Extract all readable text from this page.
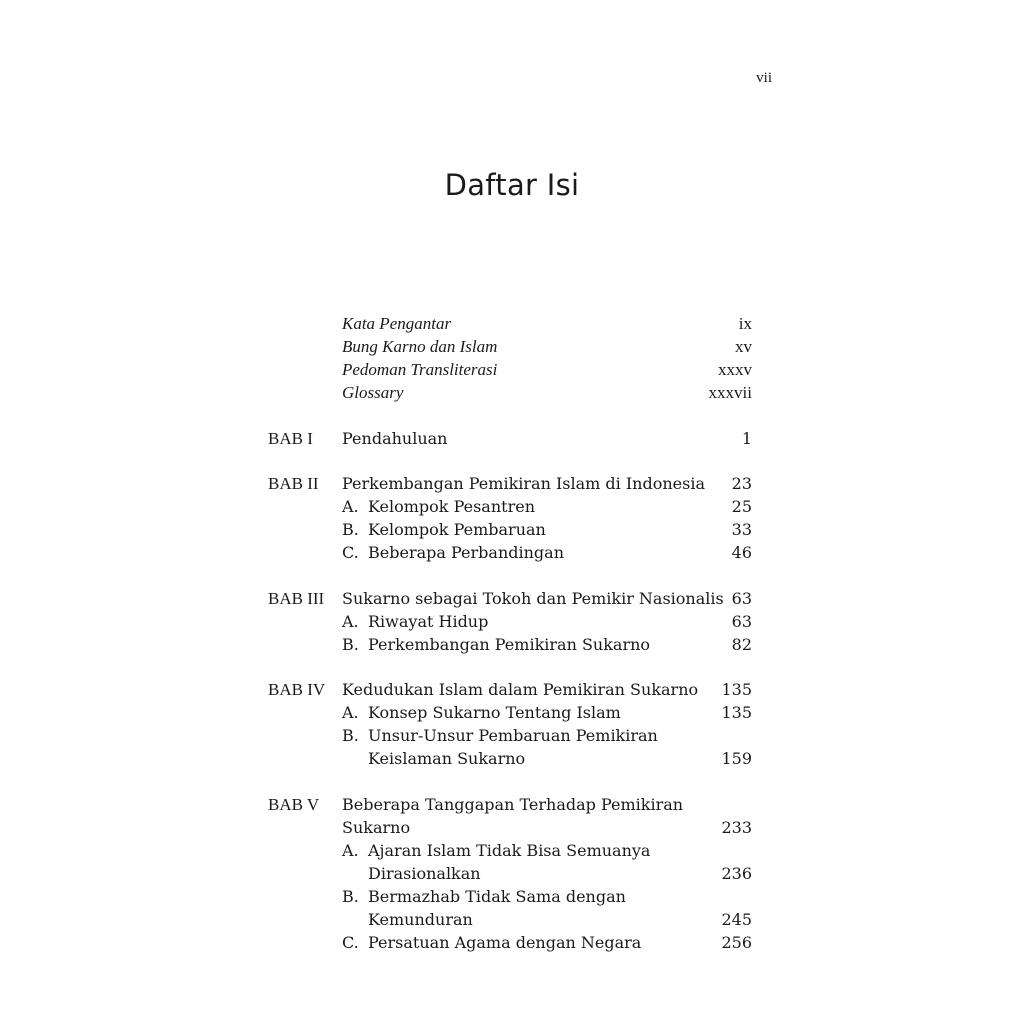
vii
Daftar Isi
Kata Pengantar	ix
Bung Karno dan Islam	xv
Pedoman Transliterasi	xxxv
Glossary	xxxvii
BAB I Pendahuluan	1
BAB II Perkembangan Pemikiran Islam di Indonesia 23
A. Kelompok Pesantren	25
B. Kelompok Pembaruan	33
C. Beberapa Perbandingan	46
BAB III Sukarno sebagai Tokoh dan Pemikir Nasionalis 63
A. Riwayat Hidup	63
B. Perkembangan Pemikiran Sukarno	82
BAB IV Kedudukan Islam dalam Pemikiran Sukarno 135
A. Konsep Sukarno Tentang Islam	135
B. Unsur-Unsur Pembaruan Pemikiran
Keislaman Sukarno	159
BAB V Beberapa Tanggapan Terhadap Pemikiran
Sukarno	233
A. Ajaran Islam Tidak Bisa Semuanya
Dirasionalkan	236
B. Bermazhab Tidak Sama dengan
Kemunduran	245
C. Persatuan Agama dengan Negara	256
